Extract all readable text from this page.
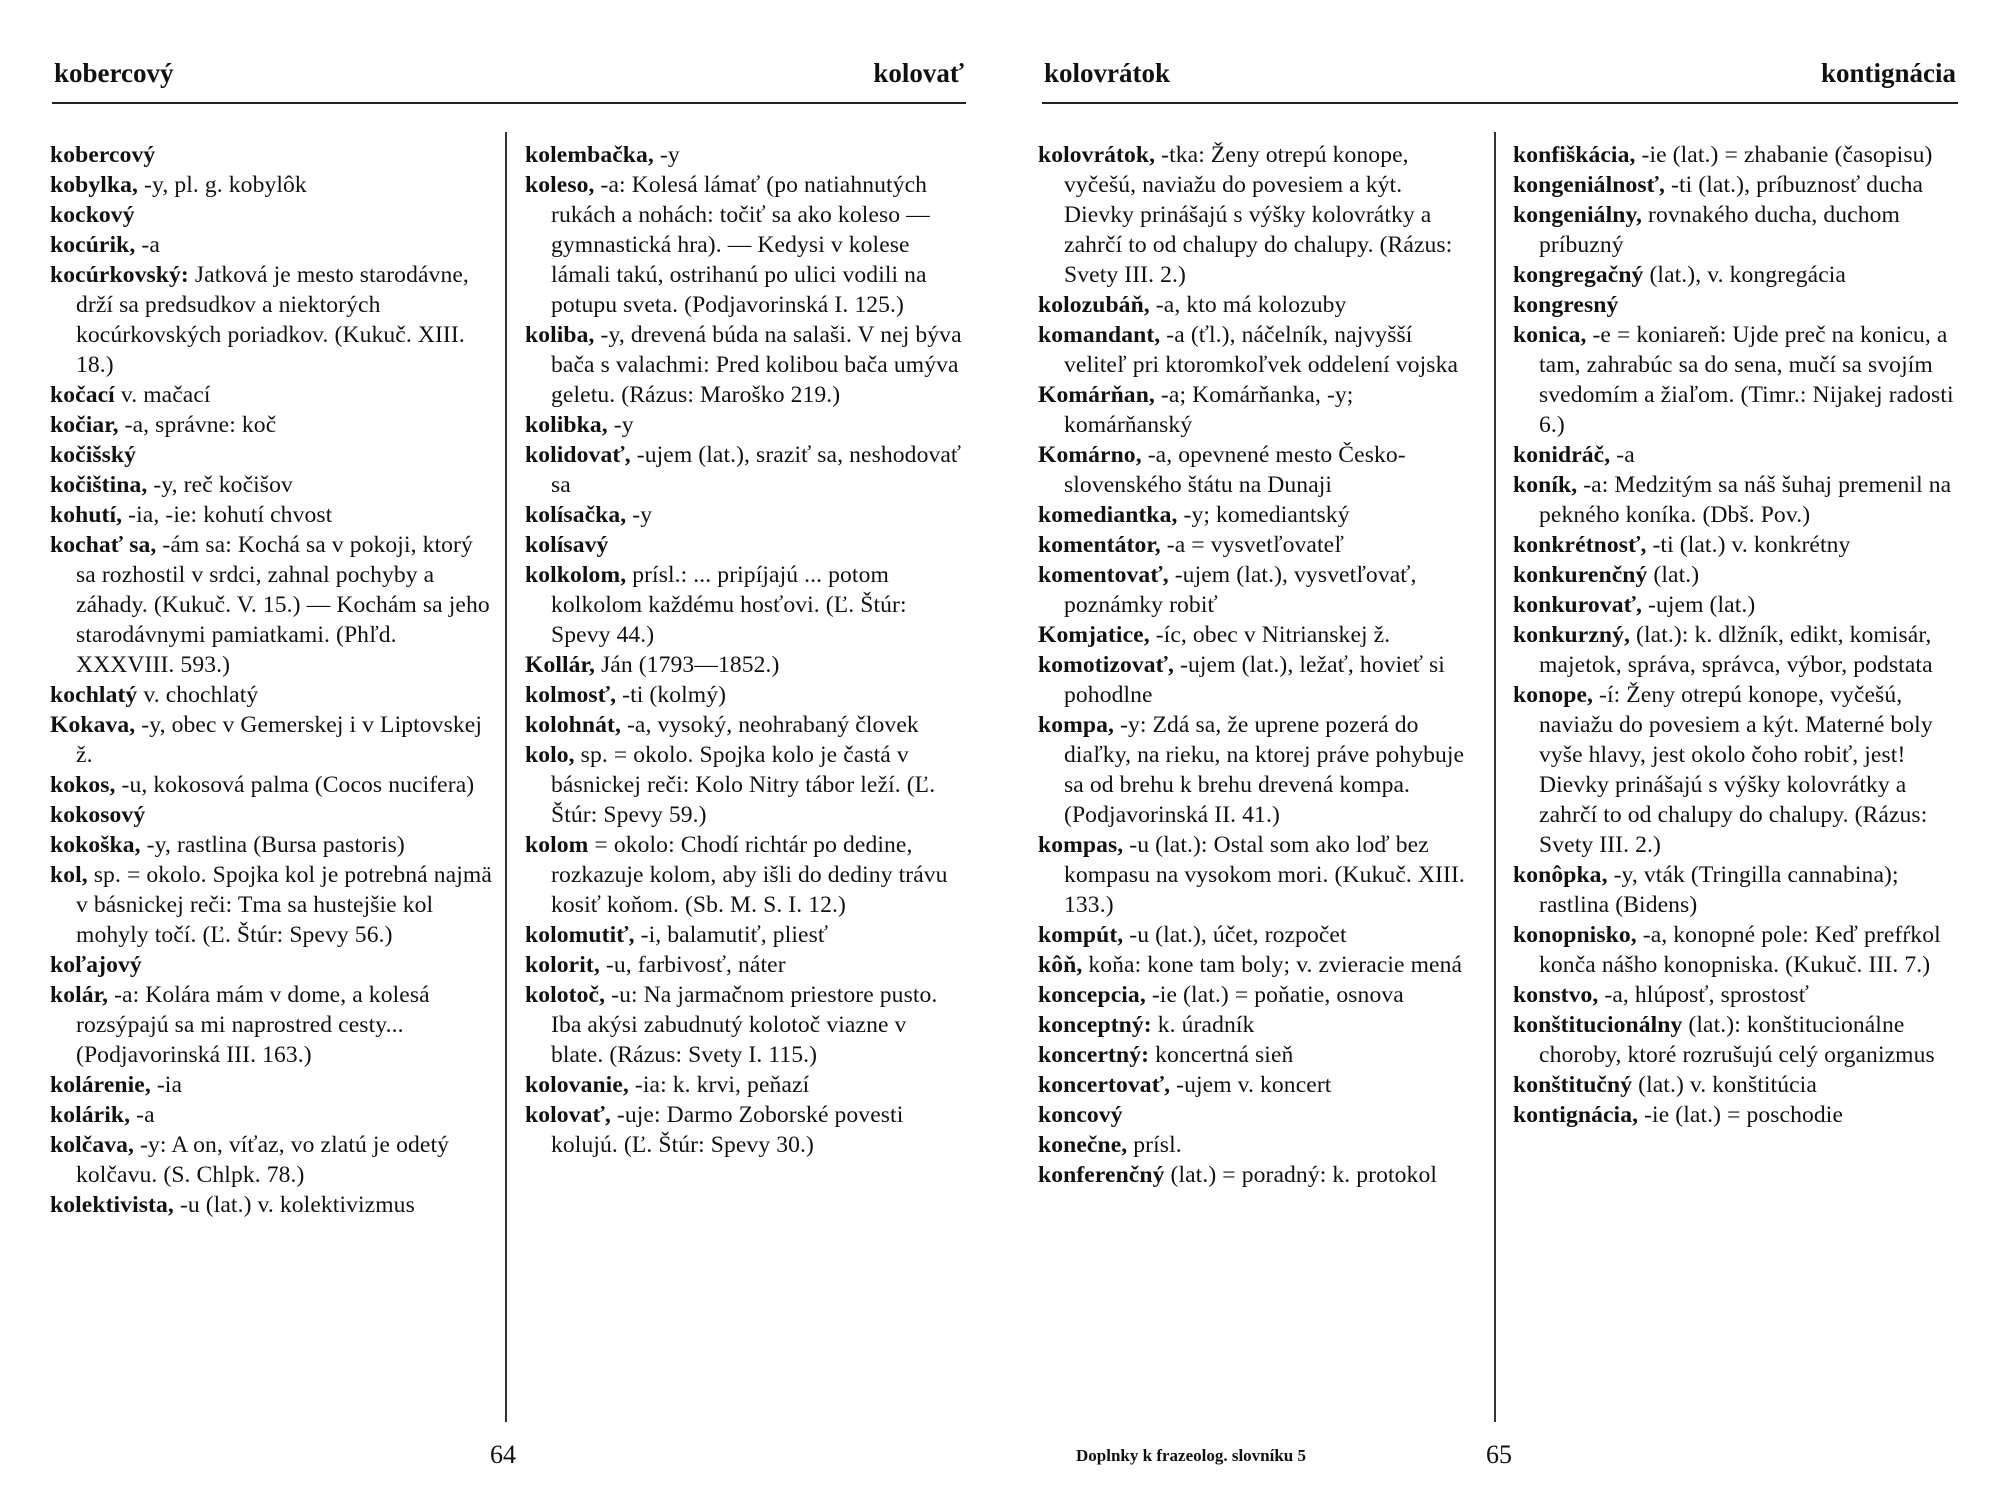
kobercový	kolovať

kobercový

kobylka, -y, pl. g. kobylôk

kockový

kocúrik, -a

kocúrkovský: Jatková je mesto starodávne, drží sa predsudkov a niektorých kocúrkovských poriadkov. (Kukuč. XIII. 18.)

kočací v. mačací

kočiar, -a, správne: koč

kočišský

kočiština, -y, reč kočišov

kohutí, -ia, -ie: kohutí chvost

kochať sa, -ám sa: Kochá sa v pokoji, ktorý sa rozhostil v srdci, zahnal pochyby a záhady. (Kukuč. V. 15.) — Kochám sa jeho starodávnymi pamiatkami. (Phľd. XXXVIII. 593.)

kochlatý v. chochlatý

Kokava, -y, obec v Gemerskej i v Liptovskej ž.

kokos, -u, kokosová palma (Cocos nucifera)

kokosový

kokoška, -y, rastlina (Bursa pastoris)

kol, sp. = okolo. Spojka kol je potrebná najmä v básnickej reči: Tma sa hustejšie kol mohyly točí. (Ľ. Štúr: Spevy 56.)

koľajový

kolár, -a: Kolára mám v dome, a kolesá rozsýpajú sa mi naprostred cesty... (Podjavorinská III. 163.)

kolárenie, -ia

kolárik, -a

kolčava, -y: A on, víťaz, vo zlatú je odetý kolčavu. (S. Chlpk. 78.)

kolektivista, -u (lat.) v. kolektivizmus

kolembačka, -y

koleso, -a: Kolesá lámať (po natiahnutých rukách a nohách: točiť sa ako koleso — gymnastická hra). — Kedysi v kolese lámali takú, ostrihanú po ulici vodili na potupu sveta. (Podjavorinská I. 125.)

koliba, -y, drevená búda na salaši. V nej býva bača s valachmi: Pred kolibou bača umýva geletu. (Rázus: Maroško 219.)

kolibka, -y

kolidovať, -ujem (lat.), sraziť sa, neshodovať sa

kolísačka, -y

kolísavý

kolkolom, prísl.: ... pripíjajú ... potom kolkolom každému hosťovi. (Ľ. Štúr: Spevy 44.)

Kollár, Ján (1793—1852.)

kolmosť, -ti (kolmý)

kolohnát, -a, vysoký, neohrabaný človek

kolo, sp. = okolo. Spojka kolo je častá v básnickej reči: Kolo Nitry tábor leží. (Ľ. Štúr: Spevy 59.)

kolom = okolo: Chodí richtár po dedine, rozkazuje kolom, aby išli do dediny trávu kosiť koňom. (Sb. M. S. I. 12.)

kolomutiť, -i, balamutiť, pliesť

kolorit, -u, farbivosť, náter

kolotoč, -u: Na jarmačnom priestore pusto. Iba akýsi zabudnutý kolotoč viazne v blate. (Rázus: Svety I. 115.)

kolovanie, -ia: k. krvi, peňazí

kolovať, -uje: Darmo Zoborské povesti kolujú. (Ľ. Štúr: Spevy 30.)

64
kolovrátok	kontignácia

kolovrátok, -tka: Ženy otrepú konope, vyčešú, naviažu do povesiem a kýt. Dievky prinášajú s výšky kolovrátky a zahrčí to od chalupy do chalupy. (Rázus: Svety III. 2.)

kolozubáň, -a, kto má kolozuby

komandant, -a (ťl.), náčelník, najvyšší veliteľ pri ktoromkoľvek oddelení vojska

Komárňan, -a; Komárňanka, -y; komárňanský

Komárno, -a, opevnené mesto Česko-slovenského štátu na Dunaji

komediantka, -y; komediantský

komentátor, -a = vysvetľovateľ

komentovať, -ujem (lat.), vysvetľovať, poznámky robiť

Komjatice, -íc, obec v Nitrianskej ž.

komotizovať, -ujem (lat.), ležať, hovieť si pohodlne

kompa, -y: Zdá sa, že uprene pozerá do diaľky, na rieku, na ktorej práve pohybuje sa od brehu k brehu drevená kompa. (Podjavorinská II. 41.)

kompas, -u (lat.): Ostal som ako loď bez kompasu na vysokom mori. (Kukuč. XIII. 133.)

kompút, -u (lat.), účet, rozpočet

kôň, koňa: kone tam boly; v. zvieracie mená

koncepcia, -ie (lat.) = poňatie, osnova

konceptný: k. úradník

koncertný: koncertná sieň

koncertovať, -ujem v. koncert

koncový

konečne, prísl.

konferenčný (lat.) = poradný: k. protokol

konfiškácia, -ie (lat.) = zhabanie (časopisu)

kongeniálnosť, -ti (lat.), príbuznosť ducha

kongeniálny, rovnakého ducha, duchom príbuzný

kongregačný (lat.), v. kongregácia

kongresný

konica, -e = koniareň: Ujde preč na konicu, a tam, zahrabúc sa do sena, mučí sa svojím svedomím a žiaľom. (Timr.: Nijakej radosti 6.)

konidráč, -a

koník, -a: Medzitým sa náš šuhaj premenil na pekného koníka. (Dbš. Pov.)

konkrétnosť, -ti (lat.) v. konkrétny

konkurenčný (lat.)

konkurovať, -ujem (lat.)

konkurzný, (lat.): k. dlžník, edikt, komisár, majetok, správa, správca, výbor, podstata

konope, -í: Ženy otrepú konope, vyčešú, naviažu do povesiem a kýt. Materné boly vyše hlavy, jest okolo čoho robiť, jest! Dievky prinášajú s výšky kolovrátky a zahrčí to od chalupy do chalupy. (Rázus: Svety III. 2.)

konôpka, -y, vták (Tringilla cannabina); rastlina (Bidens)

konopnisko, -a, konopné pole: Keď prefŕkol konča nášho konopniska. (Kukuč. III. 7.)

konstvo, -a, hlúposť, sprostosť

konštitucionálny (lat.): konštitucionálne choroby, ktoré rozrušujú celý organizmus

konštitučný (lat.) v. konštitúcia

kontignácia, -ie (lat.) = poschodie

Doplnky k frazeolog. slovníku 5	65
